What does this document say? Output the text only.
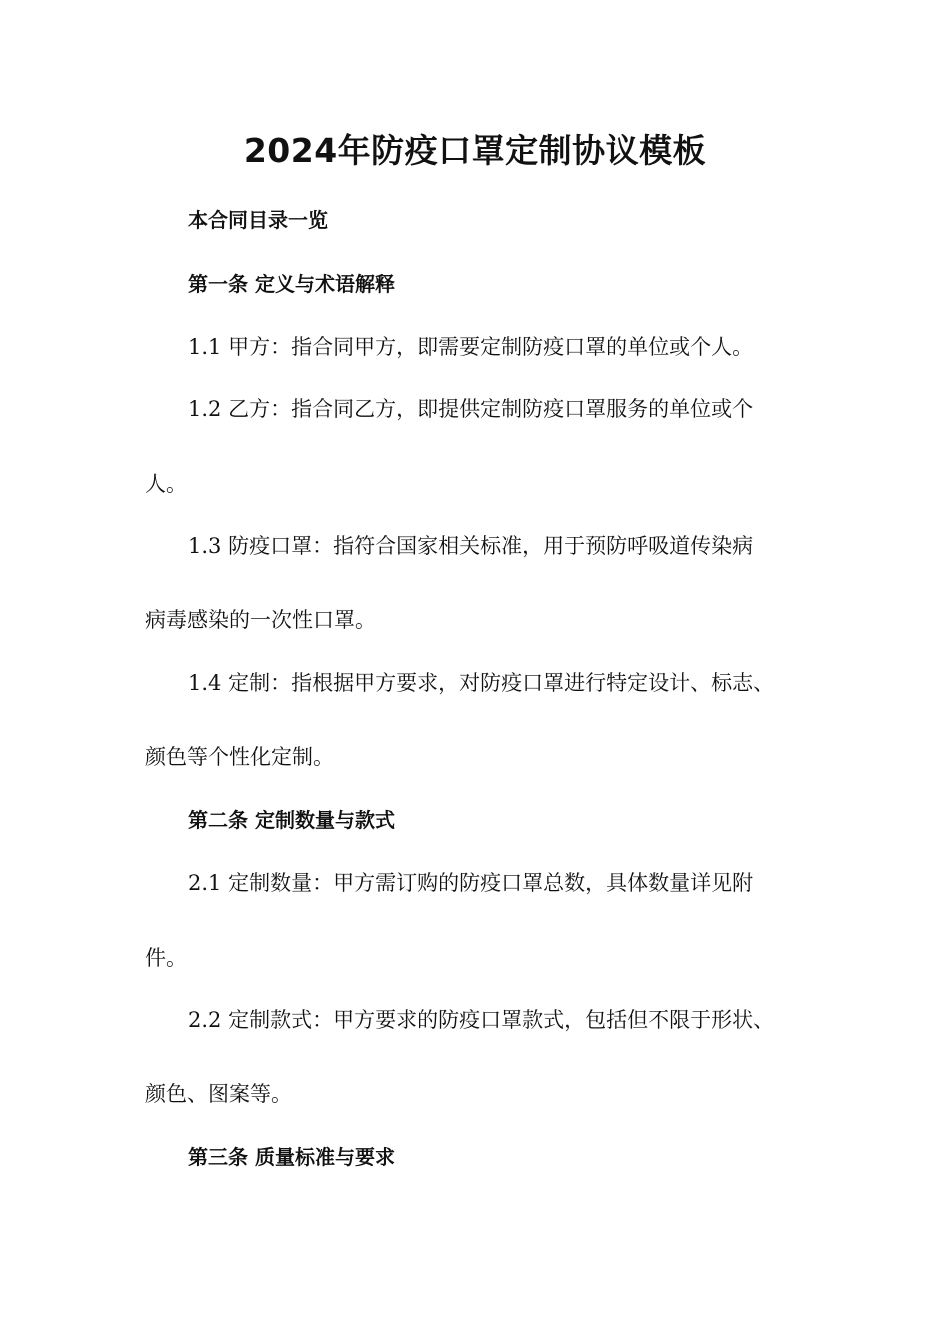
2024年防疫口罩定制协议模板
本合同目录一览
第一条 定义与术语解释
1.1 甲方：指合同甲方，即需要定制防疫口罩的单位或个人。
1.2 乙方：指合同乙方，即提供定制防疫口罩服务的单位或个
人。
1.3 防疫口罩：指符合国家相关标准，用于预防呼吸道传染病
病毒感染的一次性口罩。
1.4 定制：指根据甲方要求，对防疫口罩进行特定设计、标志、
颜色等个性化定制。
第二条 定制数量与款式
2.1 定制数量：甲方需订购的防疫口罩总数，具体数量详见附
件。
2.2 定制款式：甲方要求的防疫口罩款式，包括但不限于形状、
颜色、图案等。
第三条 质量标准与要求
